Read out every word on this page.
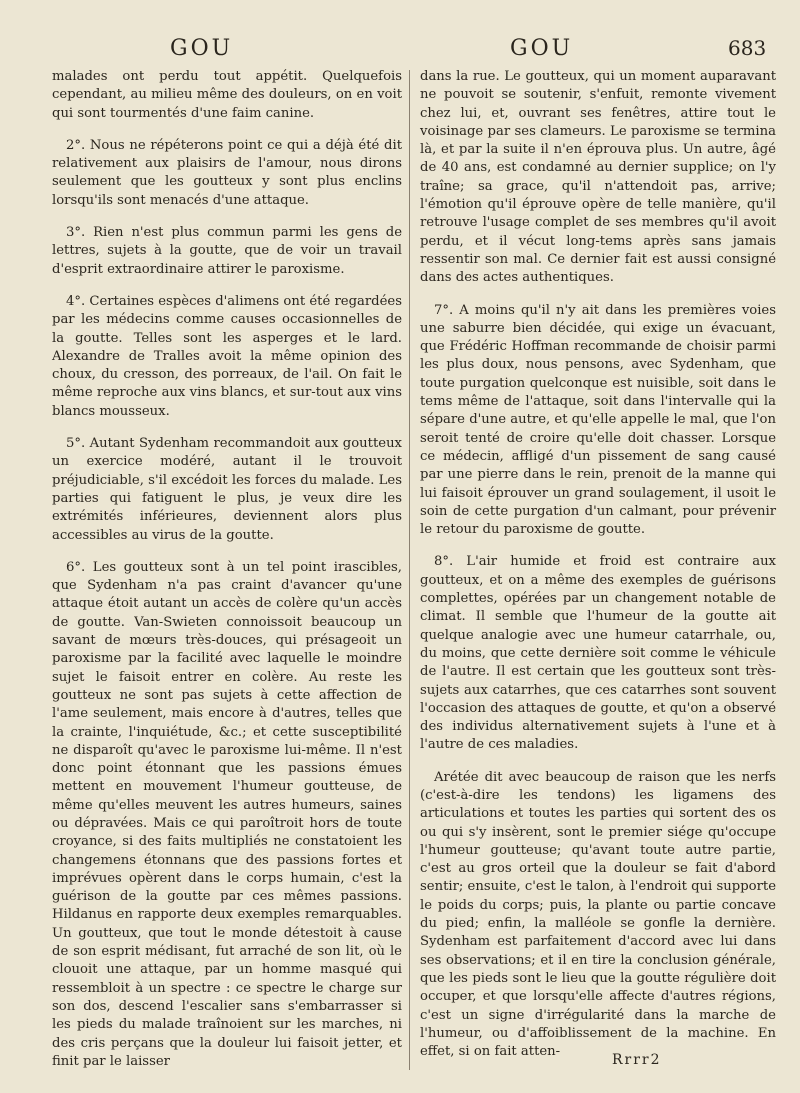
GOU	GOU	683

malades ont perdu tout appétit. Quelquefois cependant, au milieu même des douleurs, on en voit qui sont tourmentés d'une faim canine.

2°. Nous ne répéterons point ce qui a déjà été dit relativement aux plaisirs de l'amour, nous dirons seulement que les goutteux y sont plus enclins lorsqu'ils sont menacés d'une attaque.

3°. Rien n'est plus commun parmi les gens de lettres, sujets à la goutte, que de voir un travail d'esprit extraordinaire attirer le paroxisme.

4°. Certaines espèces d'alimens ont été regardées par les médecins comme causes occasionnelles de la goutte. Telles sont les asperges et le lard. Alexandre de Tralles avoit la même opinion des choux, du cresson, des porreaux, de l'ail. On fait le même reproche aux vins blancs, et sur-tout aux vins blancs mousseux.

5°. Autant Sydenham recommandoit aux goutteux un exercice modéré, autant il le trouvoit préjudiciable, s'il excédoit les forces du malade. Les parties qui fatiguent le plus, je veux dire les extrémités inférieures, deviennent alors plus accessibles au virus de la goutte.

6°. Les goutteux sont à un tel point irascibles, que Sydenham n'a pas craint d'avancer qu'une attaque étoit autant un accès de colère qu'un accès de goutte. Van-Swieten connoissoit beaucoup un savant de mœurs très-douces, qui présageoit un paroxisme par la facilité avec laquelle le moindre sujet le faisoit entrer en colère. Au reste les goutteux ne sont pas sujets à cette affection de l'ame seulement, mais encore à d'autres, telles que la crainte, l'inquiétude, &c.; et cette susceptibilité ne disparoît qu'avec le paroxisme lui-même. Il n'est donc point étonnant que les passions émues mettent en mouvement l'humeur goutteuse, de même qu'elles meuvent les autres humeurs, saines ou dépravées. Mais ce qui paroîtroit hors de toute croyance, si des faits multipliés ne constatoient les changemens étonnans que des passions fortes et imprévues opèrent dans le corps humain, c'est la guérison de la goutte par ces mêmes passions. Hildanus en rapporte deux exemples remarquables. Un goutteux, que tout le monde détestoit à cause de son esprit médisant, fut arraché de son lit, où le clouoit une attaque, par un homme masqué qui ressembloit à un spectre : ce spectre le charge sur son dos, descend l'escalier sans s'embarrasser si les pieds du malade traînoient sur les marches, ni des cris perçans que la douleur lui faisoit jetter, et finit par le laisser

dans la rue. Le goutteux, qui un moment auparavant ne pouvoit se soutenir, s'enfuit, remonte vivement chez lui, et, ouvrant ses fenêtres, attire tout le voisinage par ses clameurs. Le paroxisme se termina là, et par la suite il n'en éprouva plus. Un autre, âgé de 40 ans, est condamné au dernier supplice; on l'y traîne; sa grace, qu'il n'attendoit pas, arrive; l'émotion qu'il éprouve opère de telle manière, qu'il retrouve l'usage complet de ses membres qu'il avoit perdu, et il vécut long-tems après sans jamais ressentir son mal. Ce dernier fait est aussi consigné dans des actes authentiques.

7°. A moins qu'il n'y ait dans les premières voies une saburre bien décidée, qui exige un évacuant, que Frédéric Hoffman recommande de choisir parmi les plus doux, nous pensons, avec Sydenham, que toute purgation quelconque est nuisible, soit dans le tems même de l'attaque, soit dans l'intervalle qui la sépare d'une autre, et qu'elle appelle le mal, que l'on seroit tenté de croire qu'elle doit chasser. Lorsque ce médecin, affligé d'un pissement de sang causé par une pierre dans le rein, prenoit de la manne qui lui faisoit éprouver un grand soulagement, il usoit le soin de cette purgation d'un calmant, pour prévenir le retour du paroxisme de goutte.

8°. L'air humide et froid est contraire aux goutteux, et on a même des exemples de guérisons complettes, opérées par un changement notable de climat. Il semble que l'humeur de la goutte ait quelque analogie avec une humeur catarrhale, ou, du moins, que cette dernière soit comme le véhicule de l'autre. Il est certain que les goutteux sont très-sujets aux catarrhes, que ces catarrhes sont souvent l'occasion des attaques de goutte, et qu'on a observé des individus alternativement sujets à l'une et à l'autre de ces maladies.

Arétée dit avec beaucoup de raison que les nerfs (c'est-à-dire les tendons) les ligamens des articulations et toutes les parties qui sortent des os ou qui s'y insèrent, sont le premier siége qu'occupe l'humeur goutteuse; qu'avant toute autre partie, c'est au gros orteil que la douleur se fait d'abord sentir; ensuite, c'est le talon, à l'endroit qui supporte le poids du corps; puis, la plante ou partie concave du pied; enfin, la malléole se gonfle la dernière. Sydenham est parfaitement d'accord avec lui dans ses observations; et il en tire la conclusion générale, que les pieds sont le lieu que la goutte régulière doit occuper, et que lorsqu'elle affecte d'autres régions, c'est un signe d'irrégularité dans la marche de l'humeur, ou d'affoiblissement de la machine. En effet, si on fait atten-

Rrrr2
